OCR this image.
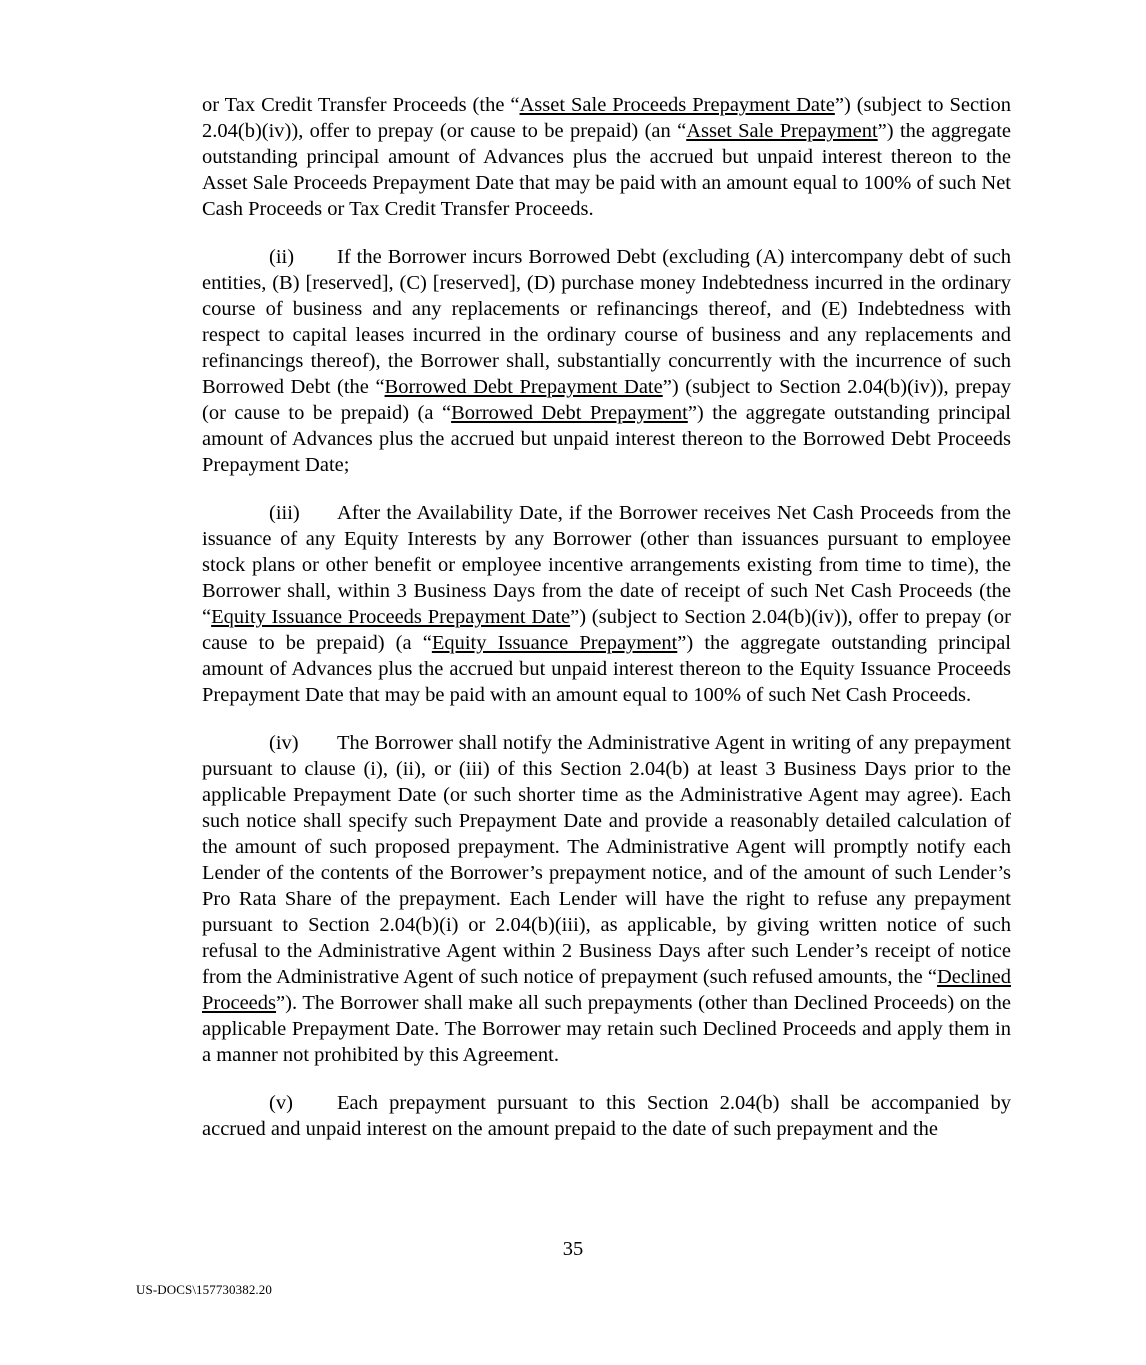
or Tax Credit Transfer Proceeds (the “Asset Sale Proceeds Prepayment Date”) (subject to Section 2.04(b)(iv)), offer to prepay (or cause to be prepaid) (an “Asset Sale Prepayment”) the aggregate outstanding principal amount of Advances plus the accrued but unpaid interest thereon to the Asset Sale Proceeds Prepayment Date that may be paid with an amount equal to 100% of such Net Cash Proceeds or Tax Credit Transfer Proceeds.

(ii) If the Borrower incurs Borrowed Debt (excluding (A) intercompany debt of such entities, (B) [reserved], (C) [reserved], (D) purchase money Indebtedness incurred in the ordinary course of business and any replacements or refinancings thereof, and (E) Indebtedness with respect to capital leases incurred in the ordinary course of business and any replacements and refinancings thereof), the Borrower shall, substantially concurrently with the incurrence of such Borrowed Debt (the “Borrowed Debt Prepayment Date”) (subject to Section 2.04(b)(iv)), prepay (or cause to be prepaid) (a “Borrowed Debt Prepayment”) the aggregate outstanding principal amount of Advances plus the accrued but unpaid interest thereon to the Borrowed Debt Proceeds Prepayment Date;

(iii) After the Availability Date, if the Borrower receives Net Cash Proceeds from the issuance of any Equity Interests by any Borrower (other than issuances pursuant to employee stock plans or other benefit or employee incentive arrangements existing from time to time), the Borrower shall, within 3 Business Days from the date of receipt of such Net Cash Proceeds (the “Equity Issuance Proceeds Prepayment Date”) (subject to Section 2.04(b)(iv)), offer to prepay (or cause to be prepaid) (a “Equity Issuance Prepayment”) the aggregate outstanding principal amount of Advances plus the accrued but unpaid interest thereon to the Equity Issuance Proceeds Prepayment Date that may be paid with an amount equal to 100% of such Net Cash Proceeds.

(iv) The Borrower shall notify the Administrative Agent in writing of any prepayment pursuant to clause (i), (ii), or (iii) of this Section 2.04(b) at least 3 Business Days prior to the applicable Prepayment Date (or such shorter time as the Administrative Agent may agree). Each such notice shall specify such Prepayment Date and provide a reasonably detailed calculation of the amount of such proposed prepayment. The Administrative Agent will promptly notify each Lender of the contents of the Borrower’s prepayment notice, and of the amount of such Lender’s Pro Rata Share of the prepayment. Each Lender will have the right to refuse any prepayment pursuant to Section 2.04(b)(i) or 2.04(b)(iii), as applicable, by giving written notice of such refusal to the Administrative Agent within 2 Business Days after such Lender’s receipt of notice from the Administrative Agent of such notice of prepayment (such refused amounts, the “Declined Proceeds”). The Borrower shall make all such prepayments (other than Declined Proceeds) on the applicable Prepayment Date. The Borrower may retain such Declined Proceeds and apply them in a manner not prohibited by this Agreement.

(v) Each prepayment pursuant to this Section 2.04(b) shall be accompanied by accrued and unpaid interest on the amount prepaid to the date of such prepayment and the

35
US-DOCS\157730382.20
